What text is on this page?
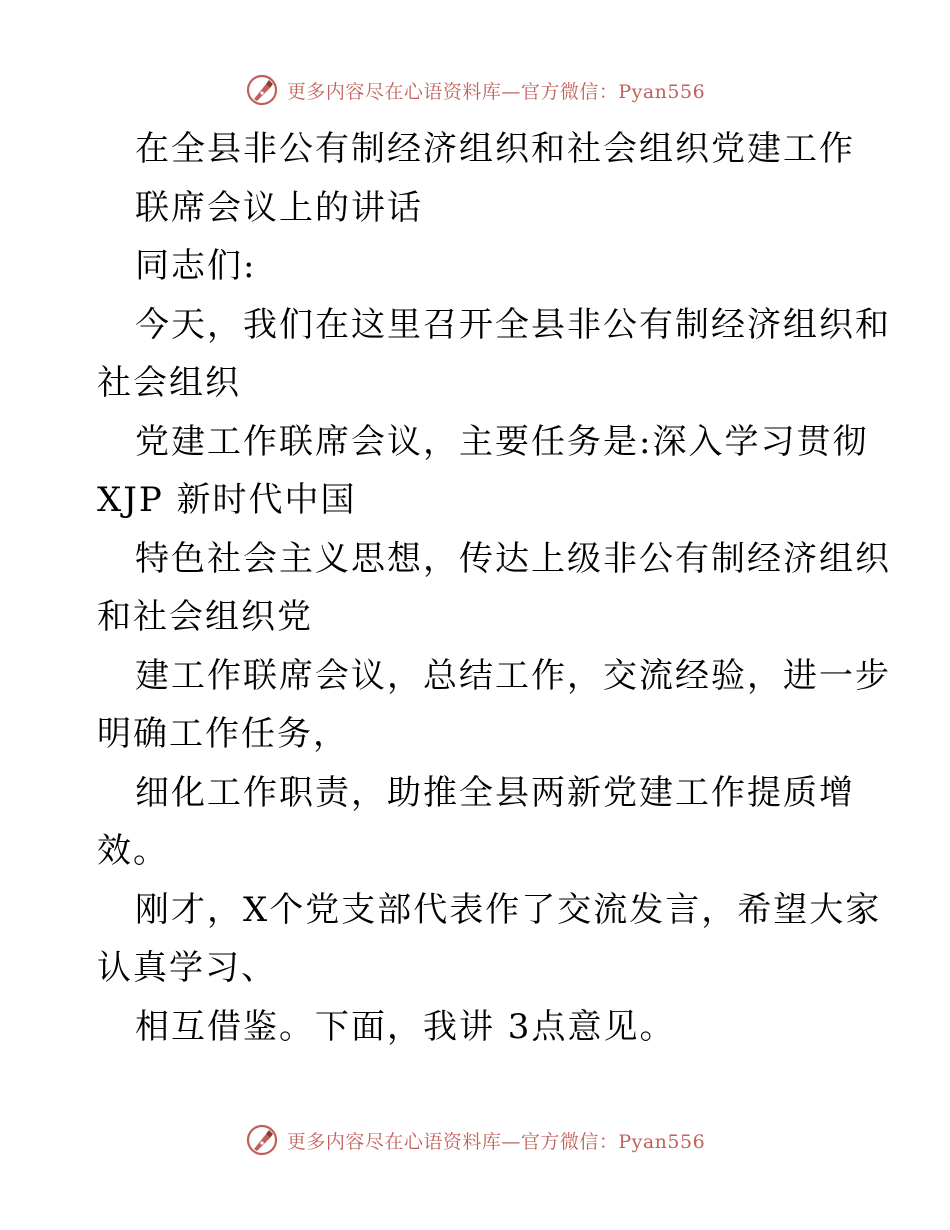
更多内容尽在心语资料库—官方微信：Pyan556
在全县非公有制经济组织和社会组织党建工作
联席会议上的讲话
同志们:
今天，我们在这里召开全县非公有制经济组织和
社会组织
党建工作联席会议，主要任务是:深入学习贯彻
XJP 新时代中国
特色社会主义思想，传达上级非公有制经济组织
和社会组织党
建工作联席会议，总结工作，交流经验，进一步
明确工作任务，
细化工作职责，助推全县两新党建工作提质增
效。
刚才，X个党支部代表作了交流发言，希望大家
认真学习、
相互借鉴。下面，我讲 3点意见。
更多内容尽在心语资料库—官方微信：Pyan556
